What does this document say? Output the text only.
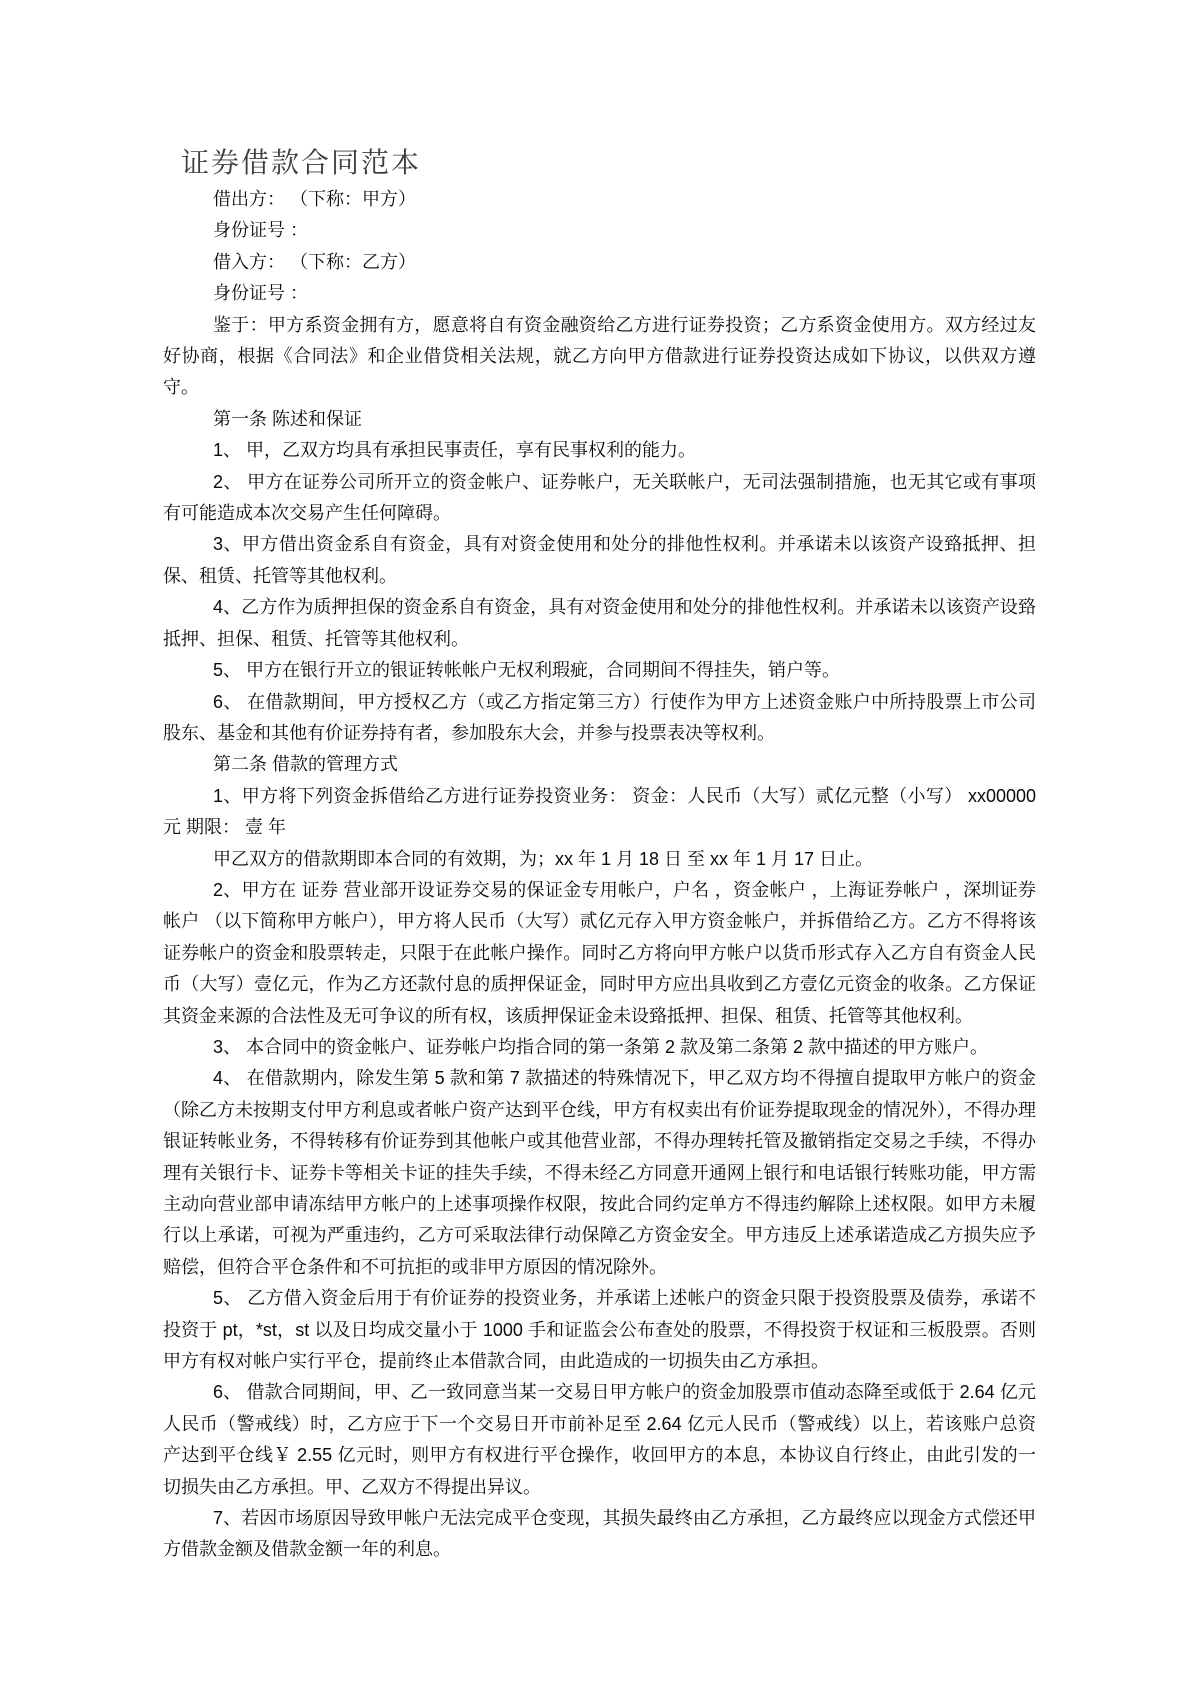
证券借款合同范本

借出方： （下称：甲方）

身份证号 ：

借入方： （下称：乙方）

身份证号 ：

鉴于：甲方系资金拥有方，愿意将自有资金融资给乙方进行证券投资；乙方系资金使用方。双方经过友好协商，根据《合同法》和企业借贷相关法规，就乙方向甲方借款进行证券投资达成如下协议，以供双方遵守。

第一条 陈述和保证

1、 甲，乙双方均具有承担民事责任，享有民事权利的能力。

2、 甲方在证券公司所开立的资金帐户、证券帐户，无关联帐户，无司法强制措施，也无其它或有事项有可能造成本次交易产生任何障碍。

3、甲方借出资金系自有资金，具有对资金使用和处分的排他性权利。并承诺未以该资产设臵抵押、担保、租赁、托管等其他权利。

4、乙方作为质押担保的资金系自有资金，具有对资金使用和处分的排他性权利。并承诺未以该资产设臵抵押、担保、租赁、托管等其他权利。

5、 甲方在银行开立的银证转帐帐户无权利瑕疵，合同期间不得挂失，销户等。

6、 在借款期间，甲方授权乙方（或乙方指定第三方）行使作为甲方上述资金账户中所持股票上市公司股东、基金和其他有价证券持有者，参加股东大会，并参与投票表决等权利。

第二条 借款的管理方式

1、甲方将下列资金拆借给乙方进行证券投资业务： 资金：人民币（大写）贰亿元整（小写） xx00000 元 期限： 壹 年

甲乙双方的借款期即本合同的有效期，为；xx 年 1 月 18 日 至 xx 年 1 月 17 日止。

2、甲方在 证券 营业部开设证券交易的保证金专用帐户，户名 ，资金帐户 ，上海证券帐户 ，深圳证券帐户 （以下简称甲方帐户），甲方将人民币（大写）贰亿元存入甲方资金帐户，并拆借给乙方。乙方不得将该证券帐户的资金和股票转走，只限于在此帐户操作。同时乙方将向甲方帐户以货币形式存入乙方自有资金人民币（大写）壹亿元，作为乙方还款付息的质押保证金，同时甲方应出具收到乙方壹亿元资金的收条。乙方保证其资金来源的合法性及无可争议的所有权，该质押保证金未设臵抵押、担保、租赁、托管等其他权利。

3、 本合同中的资金帐户、证券帐户均指合同的第一条第 2 款及第二条第 2 款中描述的甲方账户。

4、 在借款期内，除发生第 5 款和第 7 款描述的特殊情况下，甲乙双方均不得擅自提取甲方帐户的资金（除乙方未按期支付甲方利息或者帐户资产达到平仓线，甲方有权卖出有价证券提取现金的情况外），不得办理银证转帐业务，不得转移有价证券到其他帐户或其他营业部，不得办理转托管及撤销指定交易之手续，不得办理有关银行卡、证券卡等相关卡证的挂失手续，不得未经乙方同意开通网上银行和电话银行转账功能，甲方需主动向营业部申请冻结甲方帐户的上述事项操作权限，按此合同约定单方不得违约解除上述权限。如甲方未履行以上承诺，可视为严重违约，乙方可采取法律行动保障乙方资金安全。甲方违反上述承诺造成乙方损失应予赔偿，但符合平仓条件和不可抗拒的或非甲方原因的情况除外。

5、 乙方借入资金后用于有价证券的投资业务，并承诺上述帐户的资金只限于投资股票及债券，承诺不投资于 pt，*st，st 以及日均成交量小于 1000 手和证监会公布查处的股票，不得投资于权证和三板股票。否则甲方有权对帐户实行平仓，提前终止本借款合同，由此造成的一切损失由乙方承担。

6、 借款合同期间，甲、乙一致同意当某一交易日甲方帐户的资金加股票市值动态降至或低于 2.64 亿元人民币（警戒线）时，乙方应于下一个交易日开市前补足至 2.64 亿元人民币（警戒线）以上，若该账户总资产达到平仓线￥ 2.55 亿元时，则甲方有权进行平仓操作，收回甲方的本息，本协议自行终止，由此引发的一切损失由乙方承担。甲、乙双方不得提出异议。

7、若因市场原因导致甲帐户无法完成平仓变现，其损失最终由乙方承担，乙方最终应以现金方式偿还甲方借款金额及借款金额一年的利息。
